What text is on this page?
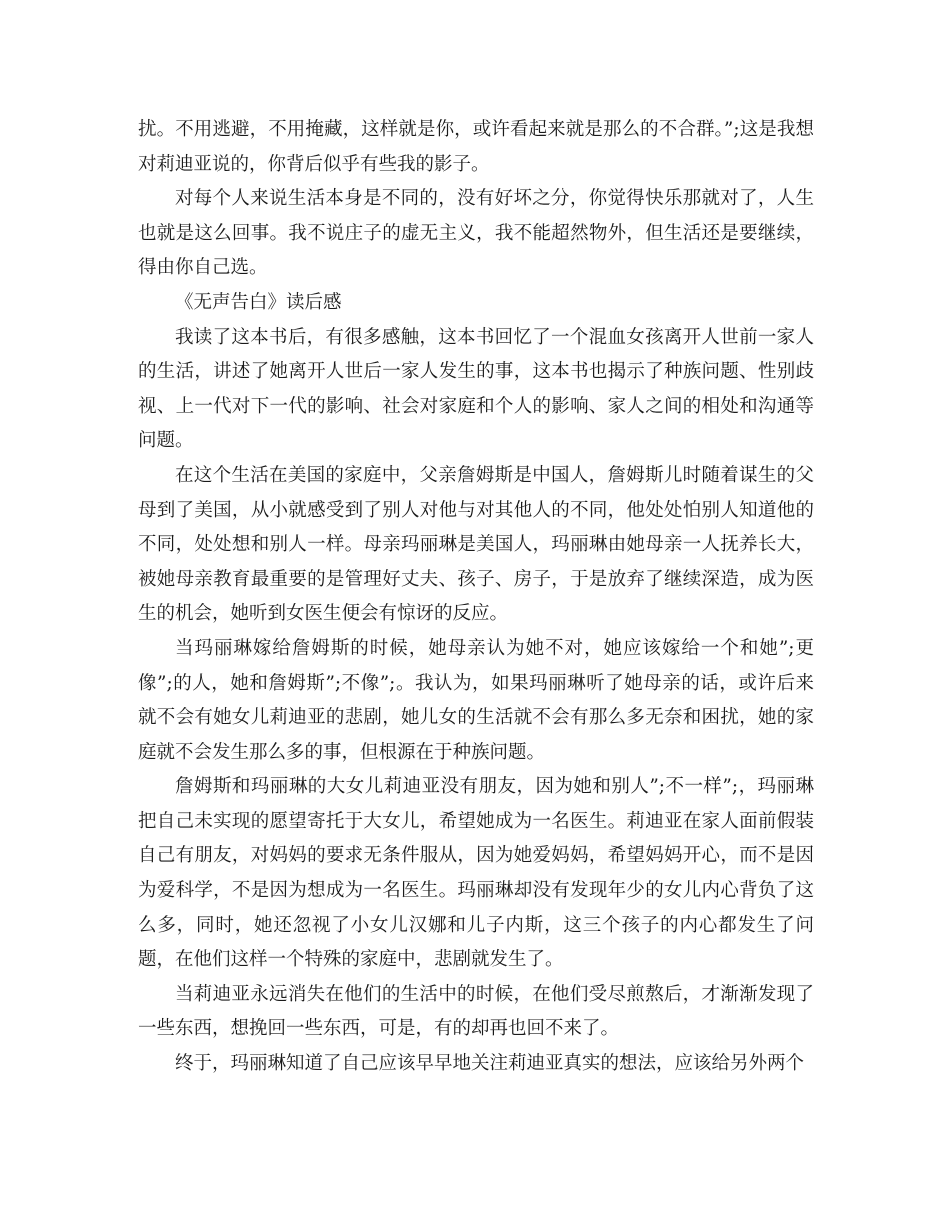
扰。不用逃避，不用掩藏，这样就是你，或许看起来就是那么的不合群。”;这是我想对莉迪亚说的，你背后似乎有些我的影子。

对每个人来说生活本身是不同的，没有好坏之分，你觉得快乐那就对了，人生也就是这么回事。我不说庄子的虚无主义，我不能超然物外，但生活还是要继续，得由你自己选。

《无声告白》读后感

我读了这本书后，有很多感触，这本书回忆了一个混血女孩离开人世前一家人的生活，讲述了她离开人世后一家人发生的事，这本书也揭示了种族问题、性别歧视、上一代对下一代的影响、社会对家庭和个人的影响、家人之间的相处和沟通等问题。

在这个生活在美国的家庭中，父亲詹姆斯是中国人，詹姆斯儿时随着谋生的父母到了美国，从小就感受到了别人对他与对其他人的不同，他处处怕别人知道他的不同，处处想和别人一样。母亲玛丽琳是美国人，玛丽琳由她母亲一人抚养长大，被她母亲教育最重要的是管理好丈夫、孩子、房子，于是放弃了继续深造，成为医生的机会，她听到女医生便会有惊讶的反应。

当玛丽琳嫁给詹姆斯的时候，她母亲认为她不对，她应该嫁给一个和她”;更像”;的人，她和詹姆斯”;不像”;。我认为，如果玛丽琳听了她母亲的话，或许后来就不会有她女儿莉迪亚的悲剧，她儿女的生活就不会有那么多无奈和困扰，她的家庭就不会发生那么多的事，但根源在于种族问题。

詹姆斯和玛丽琳的大女儿莉迪亚没有朋友，因为她和别人”;不一样”;，玛丽琳把自己未实现的愿望寄托于大女儿，希望她成为一名医生。莉迪亚在家人面前假装自己有朋友，对妈妈的要求无条件服从，因为她爱妈妈，希望妈妈开心，而不是因为爱科学，不是因为想成为一名医生。玛丽琳却没有发现年少的女儿内心背负了这么多，同时，她还忽视了小女儿汉娜和儿子内斯，这三个孩子的内心都发生了问题，在他们这样一个特殊的家庭中，悲剧就发生了。

当莉迪亚永远消失在他们的生活中的时候，在他们受尽煎熬后，才渐渐发现了一些东西，想挽回一些东西，可是，有的却再也回不来了。

终于，玛丽琳知道了自己应该早早地关注莉迪亚真实的想法，应该给另外两个
